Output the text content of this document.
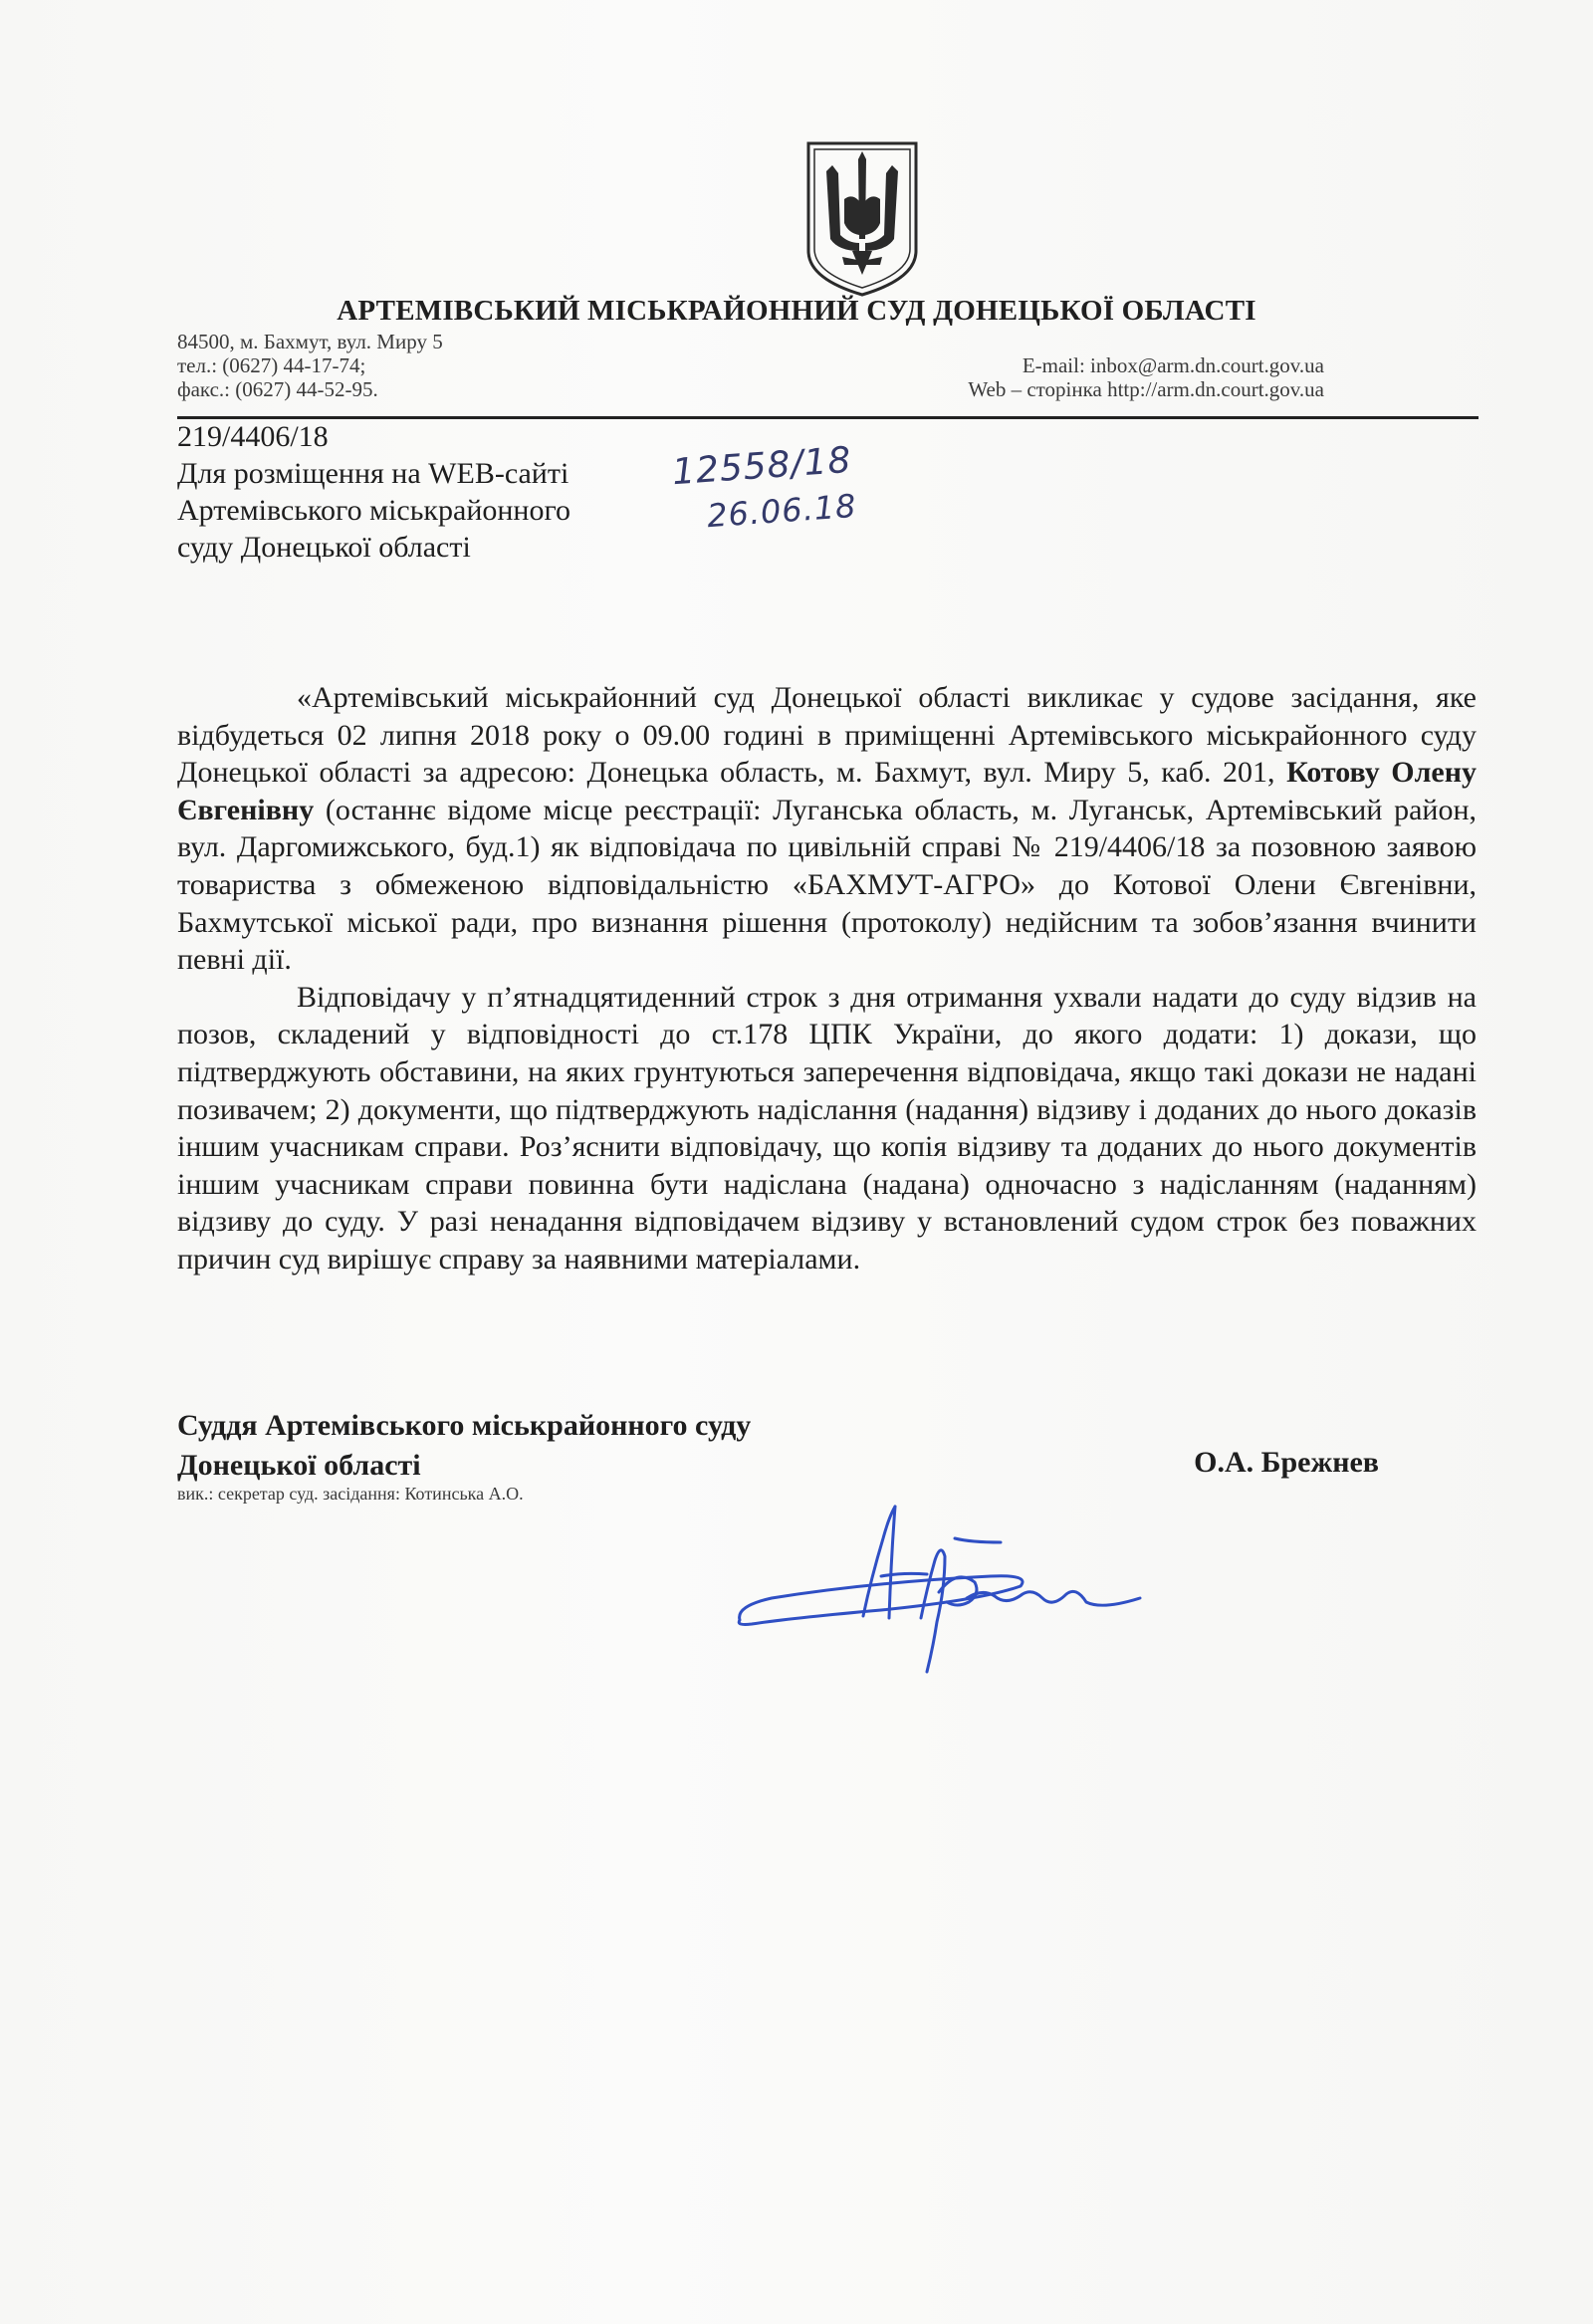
АРТЕМІВСЬКИЙ МІСЬКРАЙОННИЙ СУД ДОНЕЦЬКОЇ ОБЛАСТІ
84500, м. Бахмут, вул. Миру 5
тел.: (0627) 44-17-74;
факс.: (0627) 44-52-95.
E-mail: inbox@arm.dn.court.gov.ua
Web – сторінка http://arm.dn.court.gov.ua
219/4406/18
Для розміщення на WEB-сайті
Артемівського міськрайонного
суду Донецької області
12558/18
26.06.18

«Артемівський міськрайонний суд Донецької області викликає у судове засідання, яке відбудеться 02 липня 2018 року о 09.00 годині в приміщенні Артемівського міськрайонного суду Донецької області за адресою: Донецька область, м. Бахмут, вул. Миру 5, каб. 201, Котову Олену Євгенівну (останнє відоме місце реєстрації: Луганська область, м. Луганськ, Артемівський район, вул. Даргомижського, буд.1) як відповідача по цивільній справі № 219/4406/18 за позовною заявою товариства з обмеженою відповідальністю «БАХМУТ-АГРО» до Котової Олени Євгенівни, Бахмутської міської ради, про визнання рішення (протоколу) недійсним та зобов’язання вчинити певні дії.

Відповідачу у п’ятнадцятиденний строк з дня отримання ухвали надати до суду відзив на позов, складений у відповідності до ст.178 ЦПК України, до якого додати: 1) докази, що підтверджують обставини, на яких грунтуються заперечення відповідача, якщо такі докази не надані позивачем; 2) документи, що підтверджують надіслання (надання) відзиву і доданих до нього доказів іншим учасникам справи. Роз’яснити відповідачу, що копія відзиву та доданих до нього документів іншим учасникам справи повинна бути надіслана (надана) одночасно з надісланням (наданням) відзиву до суду. У разі ненадання відповідачем відзиву у встановлений судом строк без поважних причин суд вирішує справу за наявними матеріалами.

Суддя Артемівського міськрайонного суду
Донецької області	О.А. Брежнев
вик.: секретар суд. засідання: Котинська А.О.
